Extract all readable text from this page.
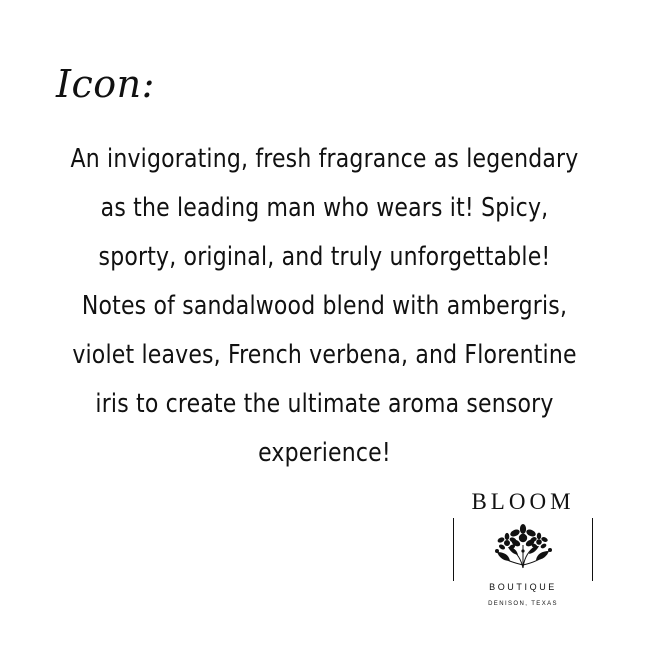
Icon:
An invigorating, fresh fragrance as legendary
as the leading man who wears it! Spicy,
sporty, original, and truly unforgettable!
Notes of sandalwood blend with ambergris,
violet leaves, French verbena, and Florentine
iris to create the ultimate aroma sensory
experience!
BLOOM
BOUTIQUE
DENISON, TEXAS
